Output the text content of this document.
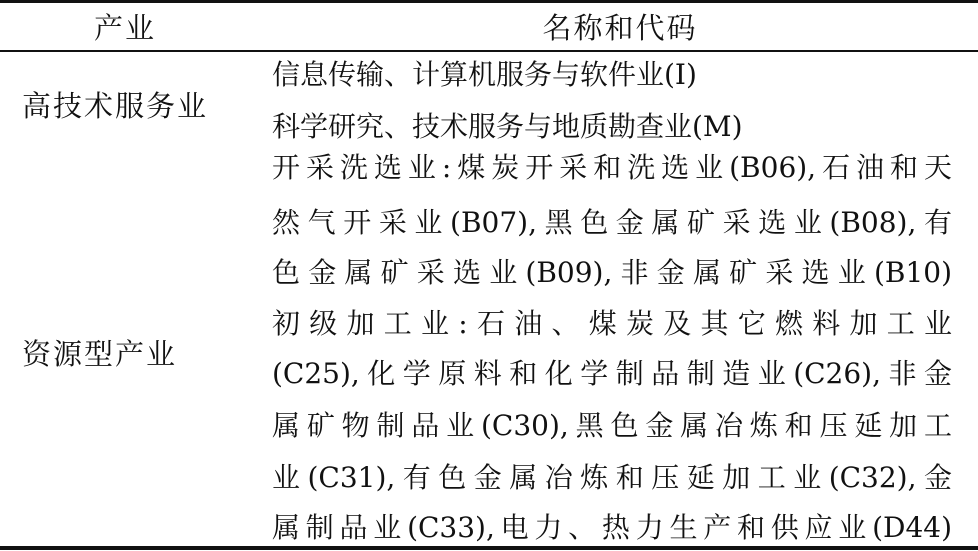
产业	名称和代码
高技术服务业
信息传输、计算机服务与软件业(I)
科学研究、技术服务与地质勘查业(M)
资源型产业
开采洗选业:煤炭开采和洗选业(B06),石油和天
然气开采业(B07),黑色金属矿采选业(B08),有
色金属矿采选业(B09),非金属矿采选业(B10)
初级加工业:石油、煤炭及其它燃料加工业
(C25),化学原料和化学制品制造业(C26),非金
属矿物制品业(C30),黑色金属冶炼和压延加工
业(C31),有色金属冶炼和压延加工业(C32),金
属制品业(C33),电力、热力生产和供应业(D44)
